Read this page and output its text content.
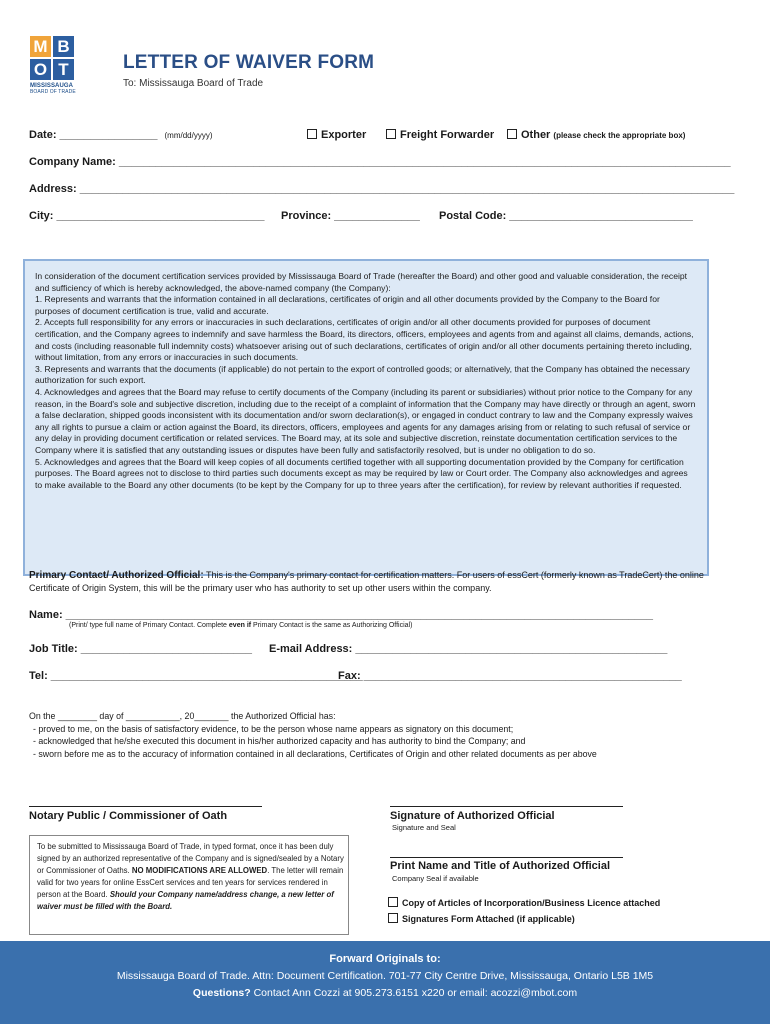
M B
O T
MISSISSAUGA
BOARD OF TRADE
LETTER OF WAIVER FORM
To: Mississauga Board of Trade
Date: ________________ (mm/dd/yyyy)	Exporter	Freight Forwarder	Other (please check the appropriate box)
Company Name: ____________________________________________________________________________________________________
Address: ___________________________________________________________________________________________________________
City: __________________________________ Province: ______________ Postal Code: ______________________________

In consideration of the document certification services provided by Mississauga Board of Trade (hereafter the Board) and other good and valuable consideration, the receipt and sufficiency of which is hereby acknowledged, the above-named company (the Company):

1. Represents and warrants that the information contained in all declarations, certificates of origin and all other documents provided by the Company to the Board for purposes of document certification is true, valid and accurate.

2. Accepts full responsibility for any errors or inaccuracies in such declarations, certificates of origin and/or all other documents provided for purposes of document certification, and the Company agrees to indemnify and save harmless the Board, its directors, officers, employees and agents from and against all claims, demands, actions, and costs (including reasonable full indemnity costs) whatsoever arising out of such declarations, certificates of origin and/or all other documents pertaining thereto including, without limitation, from any errors or inaccuracies in such documents.

3. Represents and warrants that the documents (if applicable) do not pertain to the export of controlled goods; or alternatively, that the Company has obtained the necessary authorization for such export.

4. Acknowledges and agrees that the Board may refuse to certify documents of the Company (including its parent or subsidiaries) without prior notice to the Company for any reason, in the Board's sole and subjective discretion, including due to the receipt of a complaint of information that the Company may have directly or through an agent, sworn a false declaration, shipped goods inconsistent with its documentation and/or sworn declaration(s), or engaged in conduct contrary to law and the Company expressly waives any all rights to pursue a claim or action against the Board, its directors, officers, employees and agents for any damages arising from or relating to such refusal of service or any delay in providing document certification or related services. The Board may, at its sole and subjective discretion, reinstate documentation certification services to the Company where it is satisfied that any outstanding issues or disputes have been fully and satisfactorily resolved, but is under no obligation to do so.

5. Acknowledges and agrees that the Board will keep copies of all documents certified together with all supporting documentation provided by the Company for certification purposes. The Board agrees not to disclose to third parties such documents except as may be required by law or Court order. The Company also acknowledges and agrees to make available to the Board any other documents (to be kept by the Company for up to three years after the certification), for review by relevant authorities if requested.

Primary Contact/ Authorized Official: This is the Company's primary contact for certification matters. For users of essCert (formerly known as TradeCert) the online Certificate of Origin System, this will be the primary user who has authority to set up other users within the company.
Name: ________________________________________________________________________________________________
(Print/ type full name of Primary Contact. Complete even if Primary Contact is the same as Authorizing Official)
Job Title: ____________________________ E-mail Address: ___________________________________________________
Tel: ___________________________________________________
Fax: ____________________________________________________
On the ________ day of ___________, 20_______ the Authorized Official has:
- proved to me, on the basis of satisfactory evidence, to be the person whose name appears as signatory on this document;
- acknowledged that he/she executed this document in his/her authorized capacity and has authority to bind the Company; and
- sworn before me as to the accuracy of information contained in all declarations, Certificates of Origin and other related documents as per above
Notary Public / Commissioner of Oath	Signature of Authorized Official
Signature and Seal
Print Name and Title of Authorized Official
Company Seal if available
Copy of Articles of Incorporation/Business Licence attached
Signatures Form Attached (if applicable)
To be submitted to Mississauga Board of Trade, in typed format, once it has been duly signed by an authorized representative of the Company and is signed/sealed by a Notary or Commissioner of Oaths. NO MODIFICATIONS ARE ALLOWED. The letter will remain valid for two years for online EssCert services and ten years for services rendered in person at the Board. Should your Company name/address change, a new letter of waiver must be filled with the Board.
Forward Originals to:
Mississauga Board of Trade. Attn: Document Certification. 701-77 City Centre Drive, Mississauga, Ontario L5B 1M5
Questions? Contact Ann Cozzi at 905.273.6151 x220 or email: acozzi@mbot.com
